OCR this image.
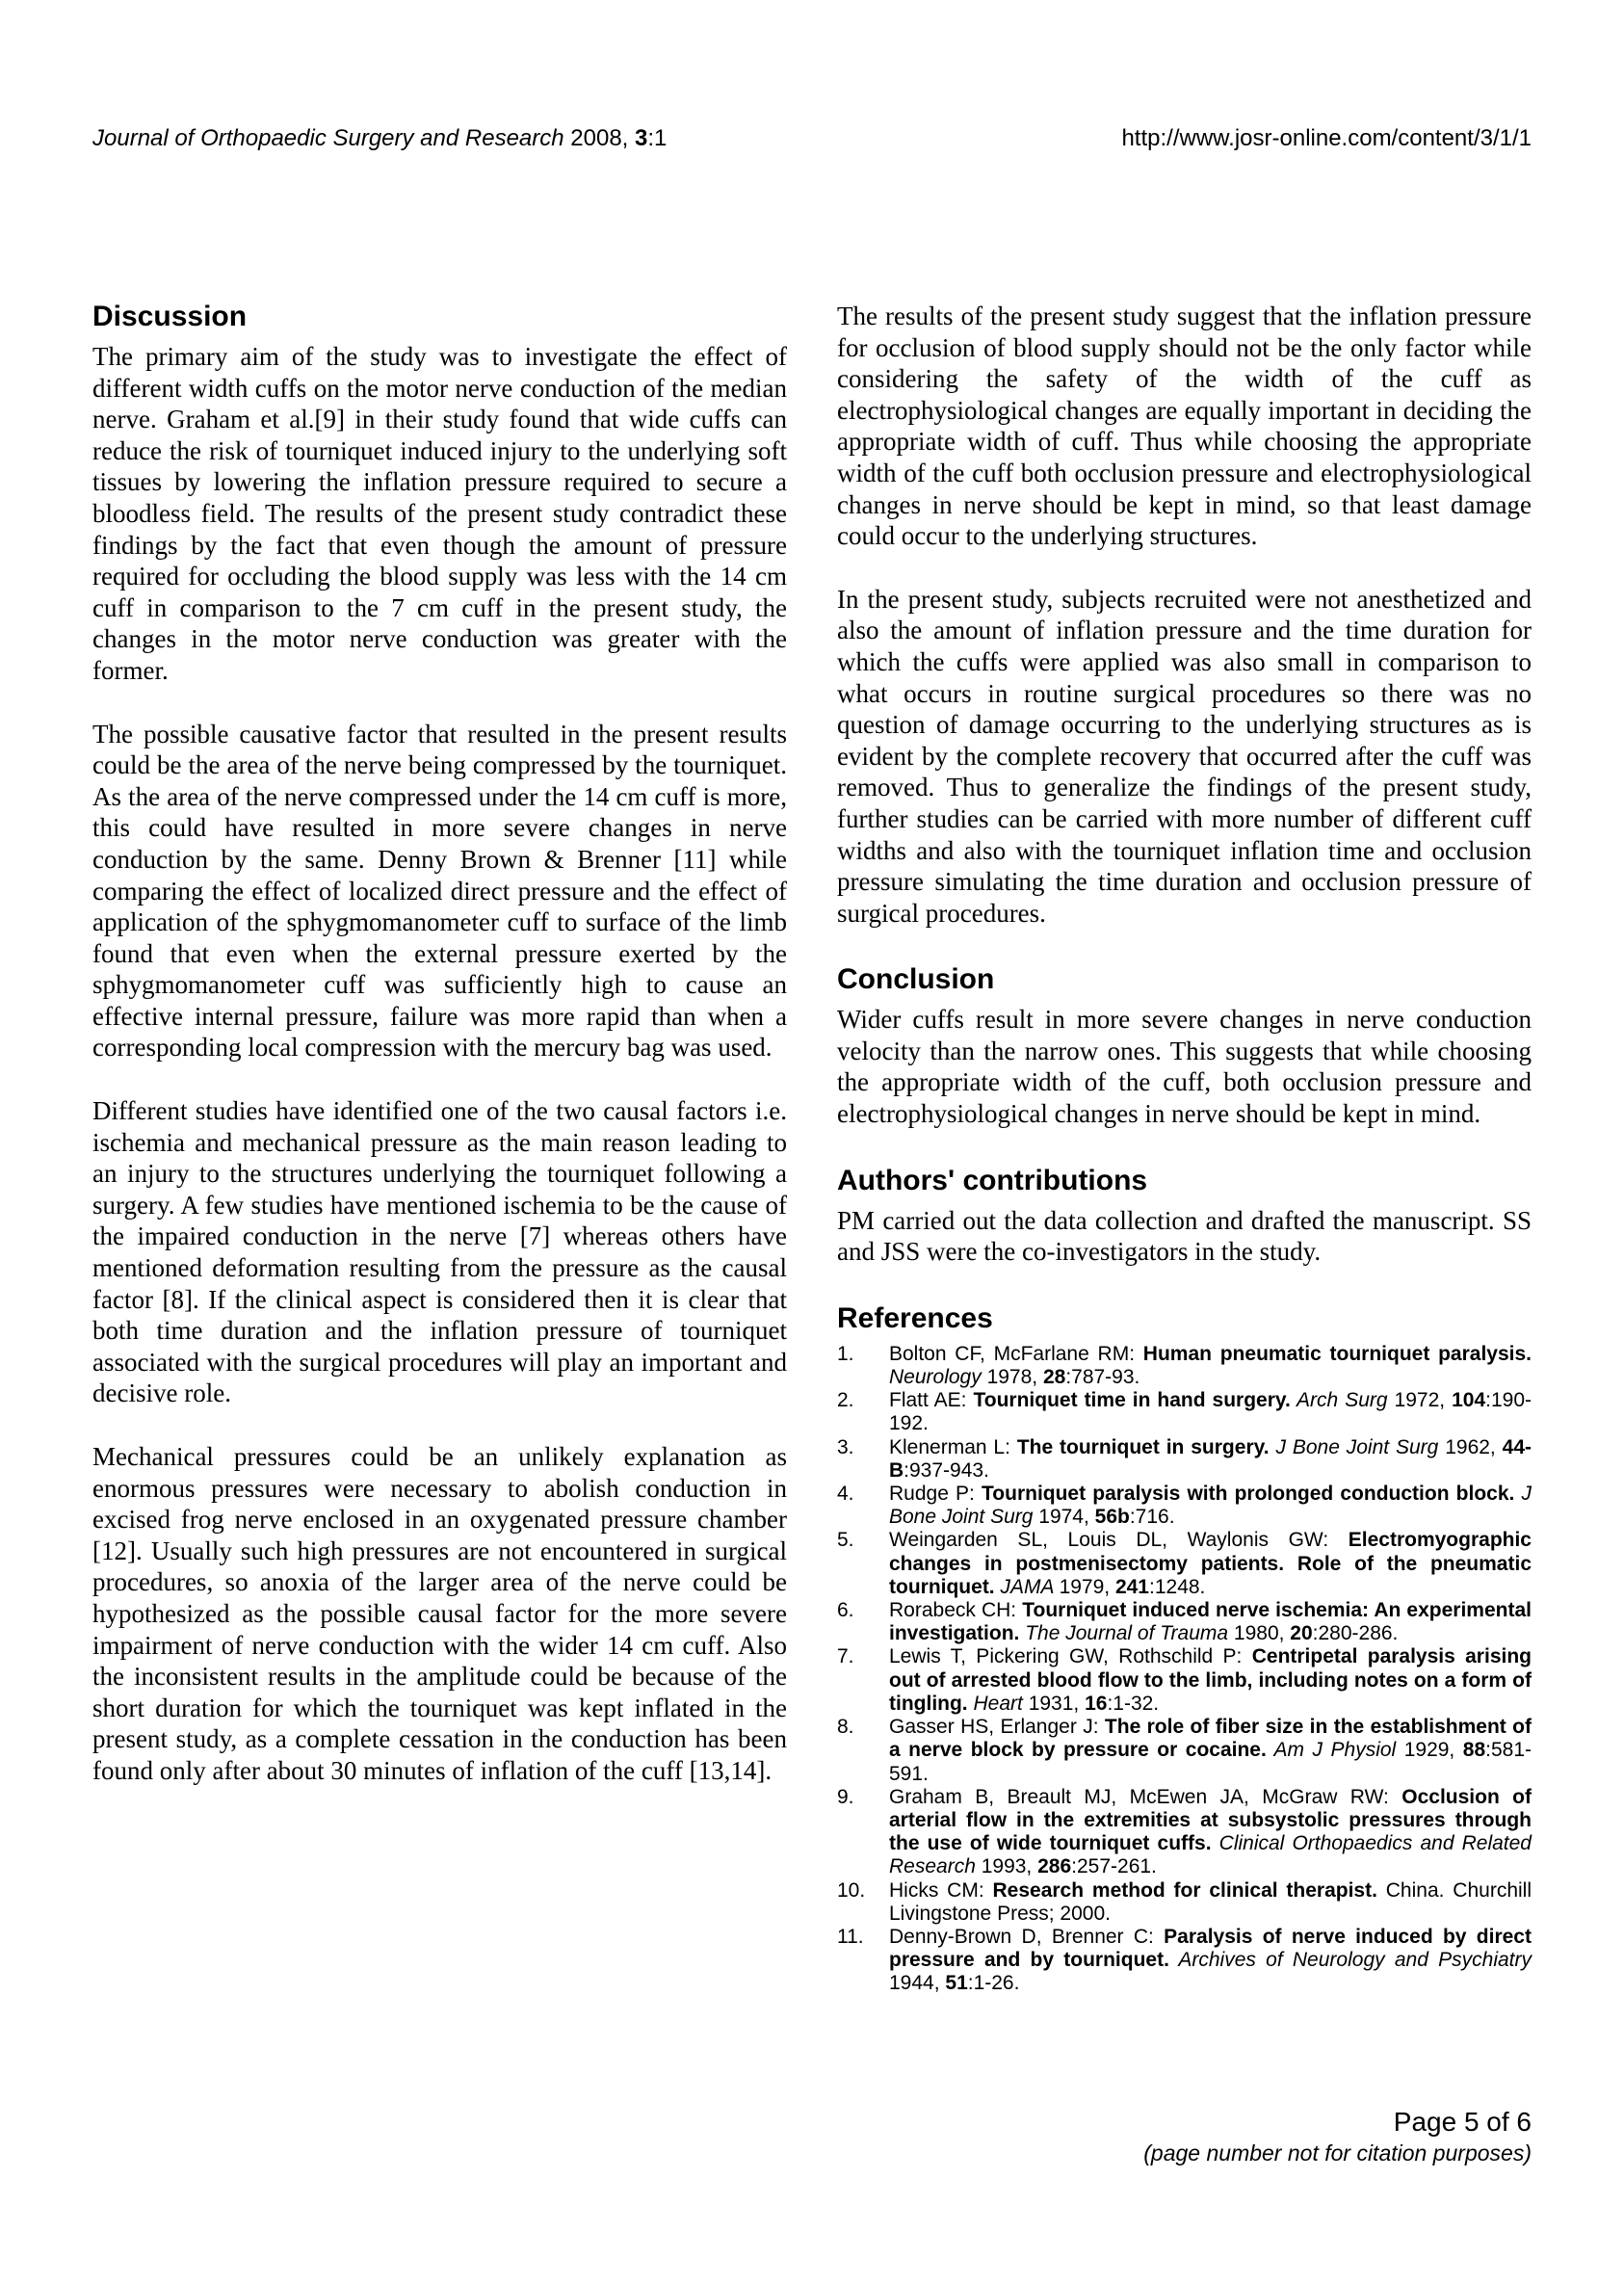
Journal of Orthopaedic Surgery and Research 2008, 3:1	http://www.josr-online.com/content/3/1/1
Discussion

The primary aim of the study was to investigate the effect of different width cuffs on the motor nerve conduction of the median nerve. Graham et al.[9] in their study found that wide cuffs can reduce the risk of tourniquet induced injury to the underlying soft tissues by lowering the inflation pressure required to secure a bloodless field. The results of the present study contradict these findings by the fact that even though the amount of pressure required for occluding the blood supply was less with the 14 cm cuff in comparison to the 7 cm cuff in the present study, the changes in the motor nerve conduction was greater with the former.

The possible causative factor that resulted in the present results could be the area of the nerve being compressed by the tourniquet. As the area of the nerve compressed under the 14 cm cuff is more, this could have resulted in more severe changes in nerve conduction by the same. Denny Brown & Brenner [11] while comparing the effect of localized direct pressure and the effect of application of the sphygmomanometer cuff to surface of the limb found that even when the external pressure exerted by the sphygmomanometer cuff was sufficiently high to cause an effective internal pressure, failure was more rapid than when a corresponding local compression with the mercury bag was used.

Different studies have identified one of the two causal factors i.e. ischemia and mechanical pressure as the main reason leading to an injury to the structures underlying the tourniquet following a surgery. A few studies have mentioned ischemia to be the cause of the impaired conduction in the nerve [7] whereas others have mentioned deformation resulting from the pressure as the causal factor [8]. If the clinical aspect is considered then it is clear that both time duration and the inflation pressure of tourniquet associated with the surgical procedures will play an important and decisive role.

Mechanical pressures could be an unlikely explanation as enormous pressures were necessary to abolish conduction in excised frog nerve enclosed in an oxygenated pressure chamber [12]. Usually such high pressures are not encountered in surgical procedures, so anoxia of the larger area of the nerve could be hypothesized as the possible causal factor for the more severe impairment of nerve conduction with the wider 14 cm cuff. Also the inconsistent results in the amplitude could be because of the short duration for which the tourniquet was kept inflated in the present study, as a complete cessation in the conduction has been found only after about 30 minutes of inflation of the cuff [13,14].

The results of the present study suggest that the inflation pressure for occlusion of blood supply should not be the only factor while considering the safety of the width of the cuff as electrophysiological changes are equally important in deciding the appropriate width of cuff. Thus while choosing the appropriate width of the cuff both occlusion pressure and electrophysiological changes in nerve should be kept in mind, so that least damage could occur to the underlying structures.

In the present study, subjects recruited were not anesthetized and also the amount of inflation pressure and the time duration for which the cuffs were applied was also small in comparison to what occurs in routine surgical procedures so there was no question of damage occurring to the underlying structures as is evident by the complete recovery that occurred after the cuff was removed. Thus to generalize the findings of the present study, further studies can be carried with more number of different cuff widths and also with the tourniquet inflation time and occlusion pressure simulating the time duration and occlusion pressure of surgical procedures.

Conclusion

Wider cuffs result in more severe changes in nerve conduction velocity than the narrow ones. This suggests that while choosing the appropriate width of the cuff, both occlusion pressure and electrophysiological changes in nerve should be kept in mind.

Authors' contributions

PM carried out the data collection and drafted the manuscript. SS and JSS were the co-investigators in the study.

References
1.	Bolton CF, McFarlane RM: Human pneumatic tourniquet paralysis. Neurology 1978, 28:787-93.
2.	Flatt AE: Tourniquet time in hand surgery. Arch Surg 1972, 104:190-192.
3.	Klenerman L: The tourniquet in surgery. J Bone Joint Surg 1962, 44-B:937-943.
4.	Rudge P: Tourniquet paralysis with prolonged conduction block. J Bone Joint Surg 1974, 56b:716.
5.	Weingarden SL, Louis DL, Waylonis GW: Electromyographic changes in postmenisectomy patients. Role of the pneumatic tourniquet. JAMA 1979, 241:1248.
6.	Rorabeck CH: Tourniquet induced nerve ischemia: An experimental investigation. The Journal of Trauma 1980, 20:280-286.
7.	Lewis T, Pickering GW, Rothschild P: Centripetal paralysis arising out of arrested blood flow to the limb, including notes on a form of tingling. Heart 1931, 16:1-32.
8.	Gasser HS, Erlanger J: The role of fiber size in the establishment of a nerve block by pressure or cocaine. Am J Physiol 1929, 88:581-591.
9.	Graham B, Breault MJ, McEwen JA, McGraw RW: Occlusion of arterial flow in the extremities at subsystolic pressures through the use of wide tourniquet cuffs. Clinical Orthopaedics and Related Research 1993, 286:257-261.
10.	Hicks CM: Research method for clinical therapist. China. Churchill Livingstone Press; 2000.
11.	Denny-Brown D, Brenner C: Paralysis of nerve induced by direct pressure and by tourniquet. Archives of Neurology and Psychiatry 1944, 51:1-26.
Page 5 of 6
(page number not for citation purposes)
